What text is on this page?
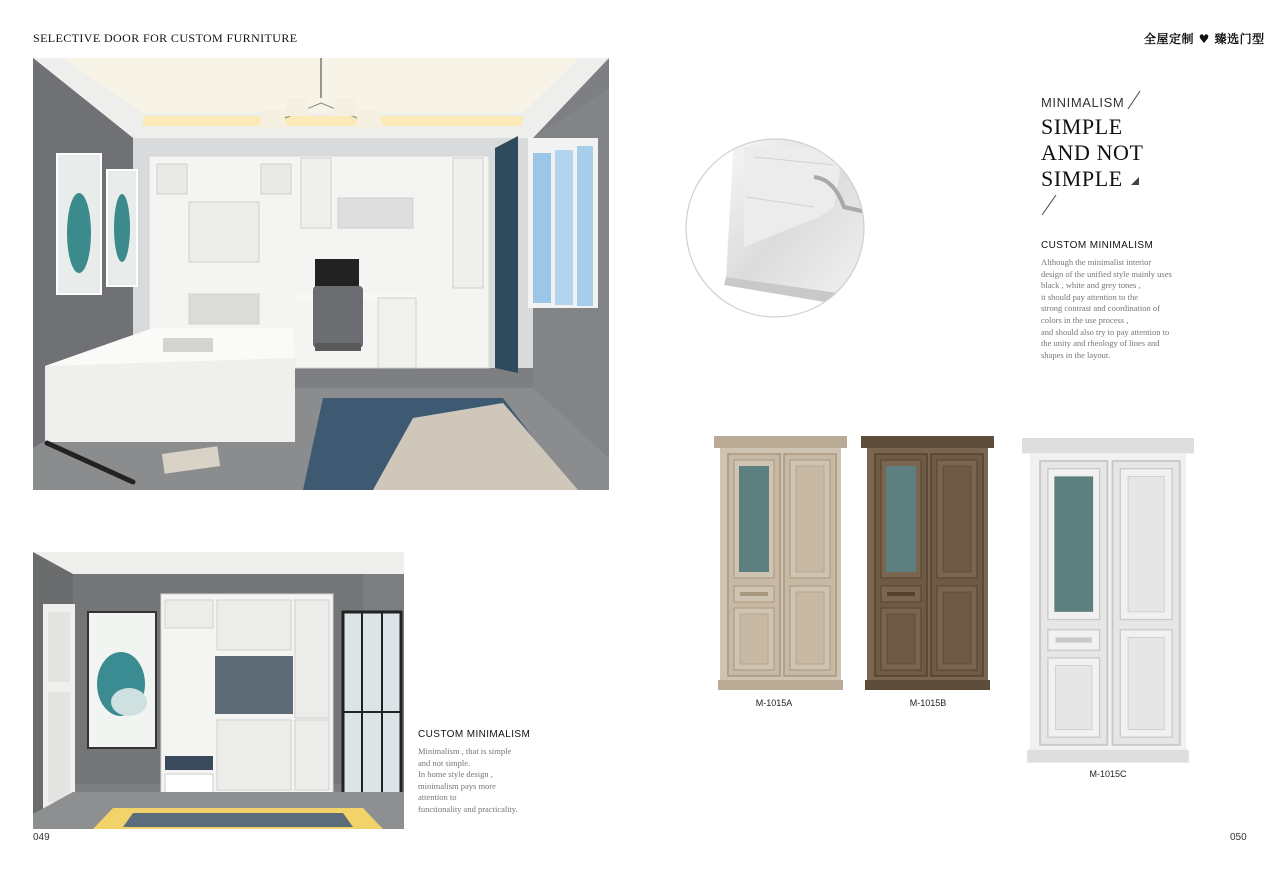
SELECTIVE DOOR FOR CUSTOM FURNITURE	全屋定制 ♥ 臻选门型
049	050
CUSTOM MINIMALISM
Minimalism , that is simple
and not simple.
In home style design ,
minimalism pays more
attention to
functionality and practicality.
MINIMALISM
SIMPLE
AND NOT
SIMPLE
CUSTOM MINIMALISM
Although the minimalist interior
design of the unified style mainly uses
black , white and grey tones ,
it should pay attention to the
strong contrast and coordination of
colors in the use process ,
and should also try to pay attention to
the unity and rheology of lines and
shapes in the layout.
M-1015A	M-1015B
M-1015C
